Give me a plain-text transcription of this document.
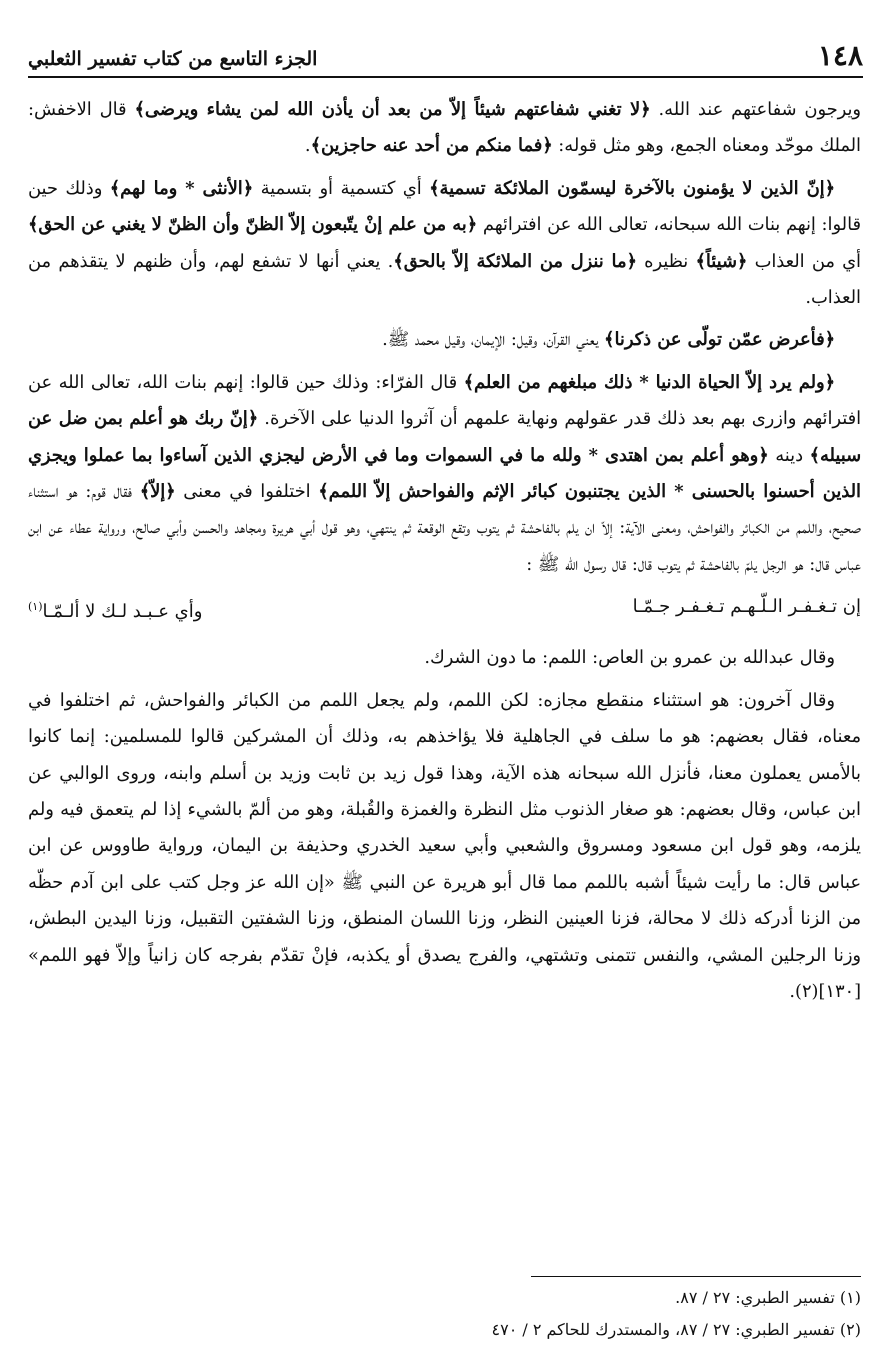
١٤٨
الجزء التاسع من كتاب تفسير الثعلبي

ويرجون شفاعتهم عند الله. ﴿لا تغني شفاعتهم شيئاً إلاّ من بعد أن يأذن الله لمن يشاء ويرضى﴾ قال الاخفش: الملك موحّد ومعناه الجمع، وهو مثل قوله: ﴿فما منكم من أحد عنه حاجزين﴾.

﴿إنّ الذين لا يؤمنون بالآخرة ليسمّون الملائكة تسمية﴾ أي كتسمية أو بتسمية ﴿الأنثى * وما لهم﴾ وذلك حين قالوا: إنهم بنات الله سبحانه، تعالى الله عن افترائهم ﴿به من علم إنْ يتّبعون إلاّ الظنّ وأن الظنّ لا يغني عن الحق﴾ أي من العذاب ﴿شيئاً﴾ نظيره ﴿ما ننزل من الملائكة إلاّ بالحق﴾. يعني أنها لا تشفع لهم، وأن ظنهم لا يتقذهم من العذاب.

﴿فأعرض عمّن تولّى عن ذكرنا﴾ يعني القرآن، وقيل: الإيمان، وقيل محمد ﷺ.

﴿ولم يرد إلاّ الحياة الدنيا * ذلك مبلغهم من العلم﴾ قال الفرّاء: وذلك حين قالوا: إنهم بنات الله، تعالى الله عن افترائهم وازرى بهم بعد ذلك قدر عقولهم ونهاية علمهم أن آثروا الدنيا على الآخرة. ﴿إنّ ربك هو أعلم بمن ضل عن سبيله﴾ دينه ﴿وهو أعلم بمن اهتدى * ولله ما في السموات وما في الأرض ليجزي الذين آساءوا بما عملوا ويجزي الذين أحسنوا بالحسنى * الذين يجتنبون كبائر الإثم والفواحش إلاّ اللمم﴾ اختلفوا في معنى ﴿إلاّ﴾ فقال قوم: هو استثناء صحيح، واللمم من الكبائر والفواحش، ومعنى الآية: إلاّ ان يلم بالفاحشة ثم يتوب وتقع الوقعة ثم ينتهي، وهو قول أبي هريرة ومجاهد والحسن وأبي صالح، ورواية عطاء عن ابن عباس قال: هو الرجل يلمّ بالفاحشة ثم يتوب قال: قال رسول الله ﷺ :

إن تـغـفـر الـلّـهـم تـغـفـر جـمّـا
وأي عـبـد لـك لا ألـمّـا$^{(١)}$

وقال عبدالله بن عمرو بن العاص: اللمم: ما دون الشرك.

وقال آخرون: هو استثناء منقطع مجازه: لكن اللمم، ولم يجعل اللمم من الكبائر والفواحش، ثم اختلفوا في معناه، فقال بعضهم: هو ما سلف في الجاهلية فلا يؤاخذهم به، وذلك أن المشركين قالوا للمسلمين: إنما كانوا بالأمس يعملون معنا، فأنزل الله سبحانه هذه الآية، وهذا قول زيد بن ثابت وزيد بن أسلم وابنه، وروى الوالبي عن ابن عباس، وقال بعضهم: هو صغار الذنوب مثل النظرة والغمزة والقُبلة، وهو من ألمّ بالشيء إذا لم يتعمق فيه ولم يلزمه، وهو قول ابن مسعود ومسروق والشعبي وأبي سعيد الخدري وحذيفة بن اليمان، ورواية طاووس عن ابن عباس قال: ما رأيت شيئاً أشبه باللمم مما قال أبو هريرة عن النبي ﷺ «إن الله عز وجل كتب على ابن آدم حظّه من الزنا أدركه ذلك لا محالة، فزنا العينين النظر، وزنا اللسان المنطق، وزنا الشفتين التقبيل، وزنا اليدين البطش، وزنا الرجلين المشي، والنفس تتمنى وتشتهي، والفرج يصدق أو يكذبه، فإنْ تقدّم بفرجه كان زانياً وإلاّ فهو اللمم» [١٣٠](٢).

(١) تفسير الطبري: ٢٧ / ٨٧.
(٢) تفسير الطبري: ٢٧ / ٨٧، والمستدرك للحاكم ٢ / ٤٧٠
